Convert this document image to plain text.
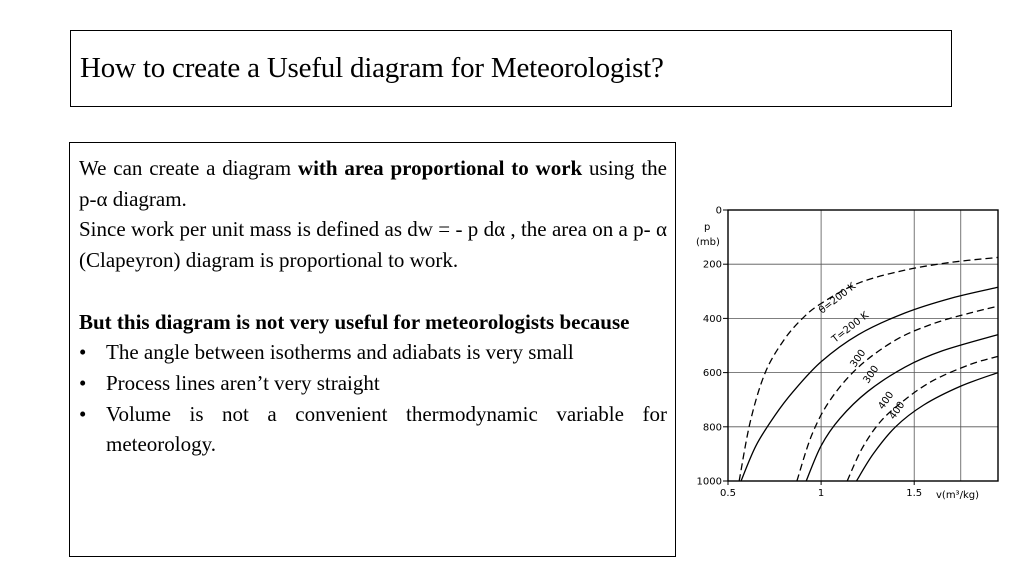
How to create a Useful diagram for Meteorologist?

We can create a diagram with area proportional to work using the p-α diagram.

Since work per unit mass is defined as dw = - p dα , the area on a p- α (Clapeyron) diagram is proportional to work.

But this diagram is not very useful for meteorologists because

• The angle between isotherms and adiabats is very small
• Process lines aren’t very straight
• Volume is not a convenient thermodynamic variable for meteorology.
0
200
400
600
800
1000
0.5	1	1.5
p
(mb)
v(m³/kg)
θ=200 K
T=200 K
300
300
400
400
